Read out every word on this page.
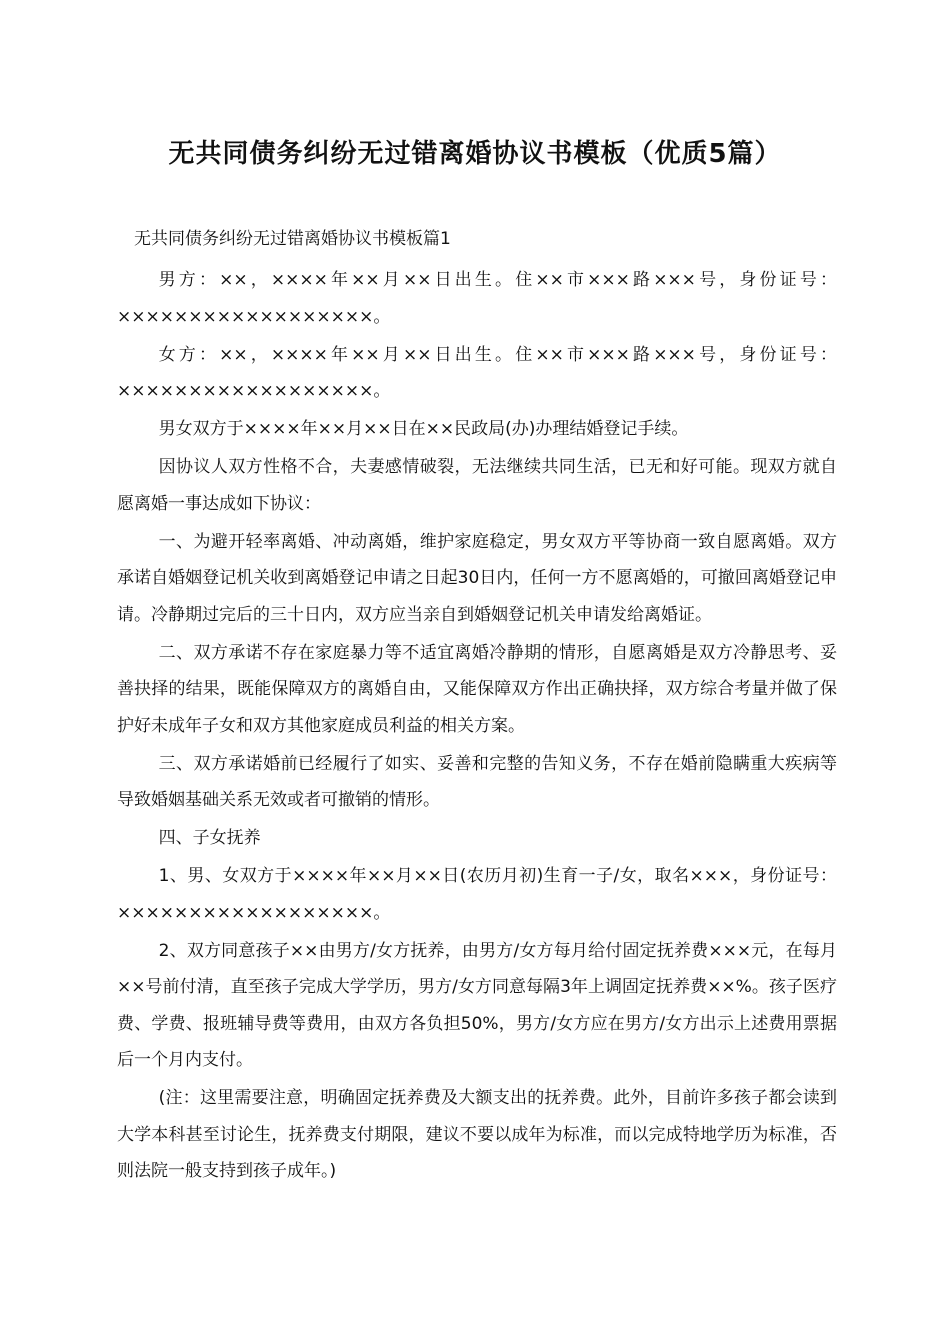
无共同债务纠纷无过错离婚协议书模板（优质5篇）
无共同债务纠纷无过错离婚协议书模板篇1

男方：××，××××年××月××日出生。住××市×××路×××号，身份证号：××××××××××××××××××。

女方：××，××××年××月××日出生。住××市×××路×××号，身份证号：××××××××××××××××××。

男女双方于××××年××月××日在××民政局(办)办理结婚登记手续。

因协议人双方性格不合，夫妻感情破裂，无法继续共同生活，已无和好可能。现双方就自愿离婚一事达成如下协议：

一、为避开轻率离婚、冲动离婚，维护家庭稳定，男女双方平等协商一致自愿离婚。双方承诺自婚姻登记机关收到离婚登记申请之日起30日内，任何一方不愿离婚的，可撤回离婚登记申请。冷静期过完后的三十日内，双方应当亲自到婚姻登记机关申请发给离婚证。

二、双方承诺不存在家庭暴力等不适宜离婚冷静期的情形，自愿离婚是双方冷静思考、妥善抉择的结果，既能保障双方的离婚自由，又能保障双方作出正确抉择，双方综合考量并做了保护好未成年子女和双方其他家庭成员利益的相关方案。

三、双方承诺婚前已经履行了如实、妥善和完整的告知义务，不存在婚前隐瞒重大疾病等导致婚姻基础关系无效或者可撤销的情形。

四、子女抚养

1、男、女双方于××××年××月××日(农历月初)生育一子/女，取名×××，身份证号：××××××××××××××××××。

2、双方同意孩子××由男方/女方抚养，由男方/女方每月给付固定抚养费×××元，在每月××号前付清，直至孩子完成大学学历，男方/女方同意每隔3年上调固定抚养费××%。孩子医疗费、学费、报班辅导费等费用，由双方各负担50%，男方/女方应在男方/女方出示上述费用票据后一个月内支付。

(注：这里需要注意，明确固定抚养费及大额支出的抚养费。此外，目前许多孩子都会读到大学本科甚至讨论生，抚养费支付期限，建议不要以成年为标准，而以完成特地学历为标准，否则法院一般支持到孩子成年。)
